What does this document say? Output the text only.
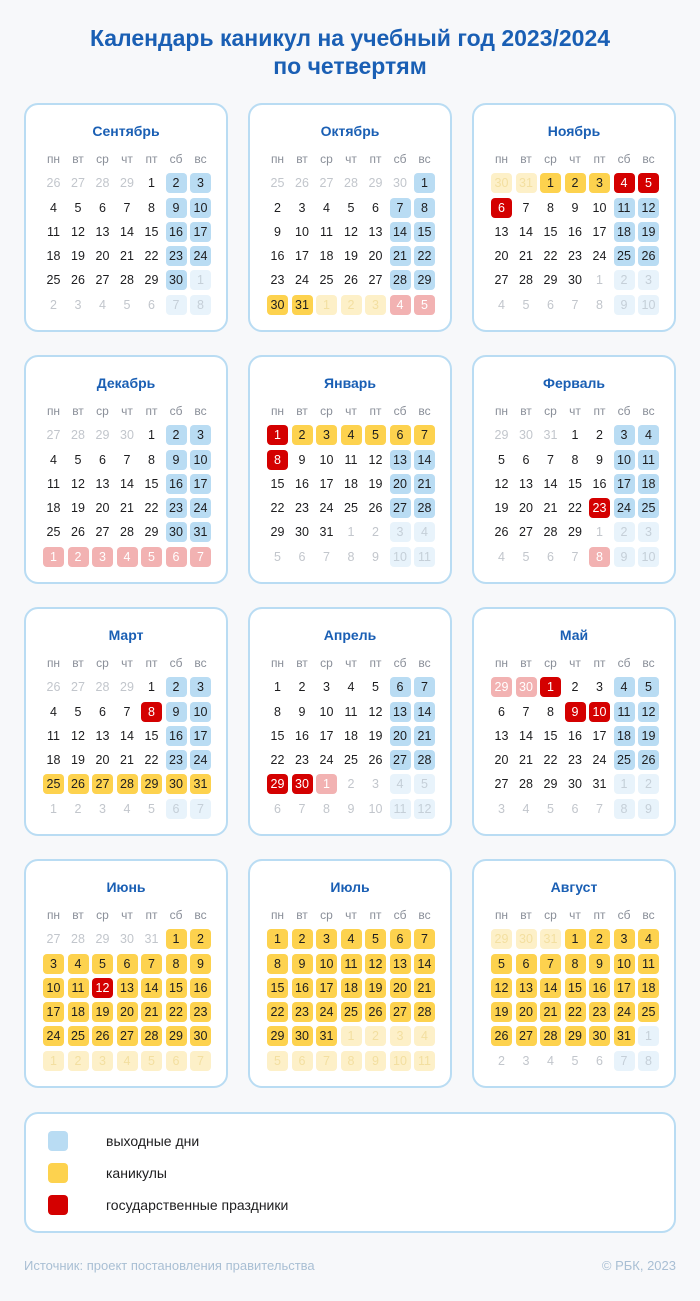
Календарь каникул на учебный год 2023/2024
по четвертям
Сентябрь
пн	вт	ср	чт	пт	сб вс
26 27 28 29	1	2	3
4	5	6	7	8	9	10
11 12 13 14 15 16 17
18 19 20 21 22 23 24
25 26 27 28 29 30	1
2	3	4	5	6	7	8
Октябрь
пн	вт	ср	чт	пт	сб вс
25 26 27 28 29 30	1
2	3	4	5	6	7	8
9	10 11 12 13 14 15
16 17 18 19 20 21 22
23 24 25 26 27 28 29
30 31	1	2	3	4	5
Ноябрь
пн	вт	ср	чт	пт	сб вс
30 31	1	2	3	4	5
6	7	8	9	10 11 12
13 14 15 16 17 18 19
20 21 22 23 24 25 26
27 28 29 30	1	2	3
4	5	6	7	8	9	10
Декабрь
пн	вт	ср	чт	пт	сб вс
27 28 29 30	1	2	3
4	5	6	7	8	9	10
11 12 13 14 15 16 17
18 19 20 21 22 23 24
25 26 27 28 29 30 31
1	2	3	4	5	6	7
Январь
пн	вт	ср	чт	пт	сб вс
1	2	3	4	5	6	7
8	9	10 11 12 13 14
15 16 17 18 19 20 21
22 23 24 25 26 27 28
29 30 31	1	2	3	4
5	6	7	8	9	10 11
Ферваль
пн	вт	ср	чт	пт	сб вс
29 30 31	1	2	3	4
5	6	7	8	9	10 11
12 13 14 15 16 17 18
19 20 21 22 23 24 25
26 27 28 29	1	2	3
4	5	6	7	8	9	10
Март
пн	вт	ср	чт	пт	сб вс
26 27 28 29	1	2	3
4	5	6	7	8	9	10
11 12 13 14 15 16 17
18 19 20 21 22 23 24
25 26 27 28 29 30 31
1	2	3	4	5	6	7
Апрель
пн	вт	ср	чт	пт	сб вс
1	2	3	4	5	6	7
8	9	10 11 12 13 14
15 16 17 18 19 20 21
22 23 24 25 26 27 28
29 30	1	2	3	4	5
6	7	8	9	10 11 12
Май
пн	вт	ср	чт	пт	сб вс
29 30	1	2	3	4	5
6	7	8	9	10 11 12
13 14 15 16 17 18 19
20 21 22 23 24 25 26
27 28 29 30 31	1	2
3	4	5	6	7	8	9
Июнь
пн	вт	ср	чт	пт	сб вс
27 28 29 30 31	1	2
3	4	5	6	7	8	9
10 11 12 13 14 15 16
17 18 19 20 21 22 23
24 25 26 27 28 29 30
1	2	3	4	5	6	7
Июль
пн	вт	ср	чт	пт	сб вс
1	2	3	4	5	6	7
8	9	10 11 12 13 14
15 16 17 18 19 20 21
22 23 24 25 26 27 28
29 30 31	1	2	3	4
5	6	7	8	9	10 11
Август
пн	вт	ср	чт	пт	сб вс
29 30 31	1	2	3	4
5	6	7	8	9	10 11
12 13 14 15 16 17 18
19 20 21 22 23 24 25
26 27 28 29 30 31	1
2	3	4	5	6	7	8
выходные дни
каникулы
государственные праздники
Источник: проект постановления правительства	© РБК, 2023
